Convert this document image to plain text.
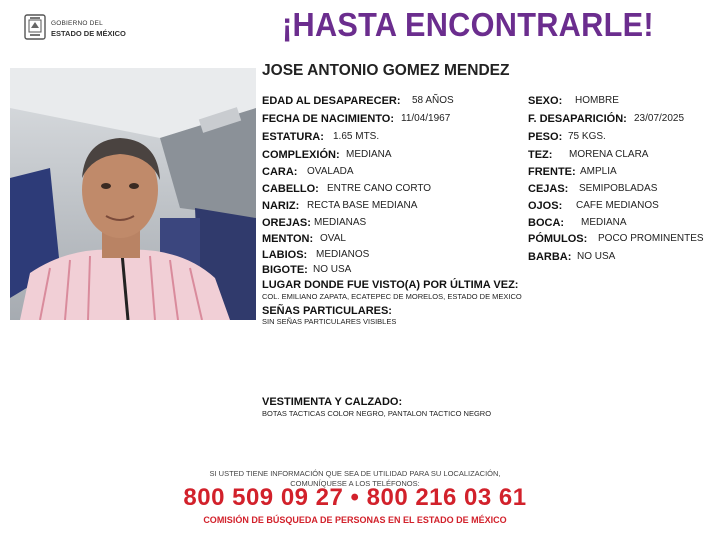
GOBIERNO DEL
ESTADO DE MÉXICO	¡HASTA ENCONTRARLE!
JOSE ANTONIO GOMEZ MENDEZ
EDAD AL DESAPARECER: 58 AÑOS
FECHA DE NACIMIENTO: 11/04/1967
ESTATURA: 1.65 MTS.
COMPLEXIÓN: MEDIANA
CARA: OVALADA
CABELLO: ENTRE CANO CORTO
NARIZ: RECTA BASE MEDIANA
OREJAS: MEDIANAS
MENTON: OVAL
LABIOS: MEDIANOS
BIGOTE: NO USA
SEXO: HOMBRE
F. DESAPARICIÓN: 23/07/2025
PESO: 75 KGS.
TEZ: MORENA CLARA
FRENTE: AMPLIA
CEJAS: SEMIPOBLADAS
OJOS: CAFE MEDIANOS
BOCA: MEDIANA
PÓMULOS: POCO PROMINENTES
BARBA: NO USA
LUGAR DONDE FUE VISTO(A) POR ÚLTIMA VEZ:
COL. EMILIANO ZAPATA, ECATEPEC DE MORELOS, ESTADO DE MEXICO
SEÑAS PARTICULARES:
SIN SEÑAS PARTICULARES VISIBLES
VESTIMENTA Y CALZADO:
BOTAS TACTICAS COLOR NEGRO, PANTALON TACTICO NEGRO
SI USTED TIENE INFORMACIÓN QUE SEA DE UTILIDAD PARA SU LOCALIZACIÓN,
COMUNÍQUESE A LOS TELÉFONOS:
800 509 09 27 • 800 216 03 61
COMISIÓN DE BÚSQUEDA DE PERSONAS EN EL ESTADO DE MÉXICO
